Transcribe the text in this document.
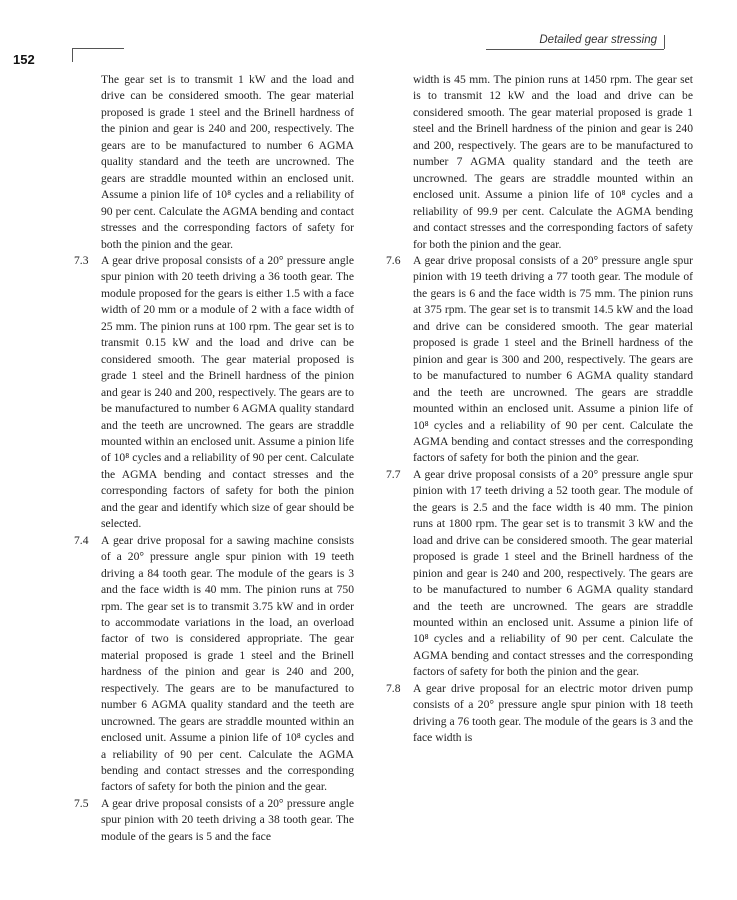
152
Detailed gear stressing

The gear set is to transmit 1 kW and the load and drive can be considered smooth. The gear material proposed is grade 1 steel and the Brinell hardness of the pinion and gear is 240 and 200, respectively. The gears are to be manufactured to number 6 AGMA quality standard and the teeth are uncrowned. The gears are straddle mounted within an enclosed unit. Assume a pinion life of 10⁸ cycles and a reliability of 90 per cent. Calculate the AGMA bending and contact stresses and the corresponding factors of safety for both the pinion and the gear.

7.3 A gear drive proposal consists of a 20° pressure angle spur pinion with 20 teeth driving a 36 tooth gear. The module proposed for the gears is either 1.5 with a face width of 20 mm or a module of 2 with a face width of 25 mm. The pinion runs at 100 rpm. The gear set is to transmit 0.15 kW and the load and drive can be considered smooth. The gear material proposed is grade 1 steel and the Brinell hardness of the pinion and gear is 240 and 200, respectively. The gears are to be manufactured to number 6 AGMA quality standard and the teeth are uncrowned. The gears are straddle mounted within an enclosed unit. Assume a pinion life of 10⁸ cycles and a reliability of 90 per cent. Calculate the AGMA bending and contact stresses and the corresponding factors of safety for both the pinion and the gear and identify which size of gear should be selected.

7.4 A gear drive proposal for a sawing machine consists of a 20° pressure angle spur pinion with 19 teeth driving a 84 tooth gear. The module of the gears is 3 and the face width is 40 mm. The pinion runs at 750 rpm. The gear set is to transmit 3.75 kW and in order to accommodate variations in the load, an overload factor of two is considered appropriate. The gear material proposed is grade 1 steel and the Brinell hardness of the pinion and gear is 240 and 200, respectively. The gears are to be manufactured to number 6 AGMA quality standard and the teeth are uncrowned. The gears are straddle mounted within an enclosed unit. Assume a pinion life of 10⁸ cycles and a reliability of 90 per cent. Calculate the AGMA bending and contact stresses and the corresponding factors of safety for both the pinion and the gear.

7.5 A gear drive proposal consists of a 20° pressure angle spur pinion with 20 teeth driving a 38 tooth gear. The module of the gears is 5 and the face

width is 45 mm. The pinion runs at 1450 rpm. The gear set is to transmit 12 kW and the load and drive can be considered smooth. The gear material proposed is grade 1 steel and the Brinell hardness of the pinion and gear is 240 and 200, respectively. The gears are to be manufactured to number 7 AGMA quality standard and the teeth are uncrowned. The gears are straddle mounted within an enclosed unit. Assume a pinion life of 10⁸ cycles and a reliability of 99.9 per cent. Calculate the AGMA bending and contact stresses and the corresponding factors of safety for both the pinion and the gear.

7.6 A gear drive proposal consists of a 20° pressure angle spur pinion with 19 teeth driving a 77 tooth gear. The module of the gears is 6 and the face width is 75 mm. The pinion runs at 375 rpm. The gear set is to transmit 14.5 kW and the load and drive can be considered smooth. The gear material proposed is grade 1 steel and the Brinell hardness of the pinion and gear is 300 and 200, respectively. The gears are to be manufactured to number 6 AGMA quality standard and the teeth are uncrowned. The gears are straddle mounted within an enclosed unit. Assume a pinion life of 10⁸ cycles and a reliability of 90 per cent. Calculate the AGMA bending and contact stresses and the corresponding factors of safety for both the pinion and the gear.

7.7 A gear drive proposal consists of a 20° pressure angle spur pinion with 17 teeth driving a 52 tooth gear. The module of the gears is 2.5 and the face width is 40 mm. The pinion runs at 1800 rpm. The gear set is to transmit 3 kW and the load and drive can be considered smooth. The gear material proposed is grade 1 steel and the Brinell hardness of the pinion and gear is 240 and 200, respectively. The gears are to be manufactured to number 6 AGMA quality standard and the teeth are uncrowned. The gears are straddle mounted within an enclosed unit. Assume a pinion life of 10⁸ cycles and a reliability of 90 per cent. Calculate the AGMA bending and contact stresses and the corresponding factors of safety for both the pinion and the gear.

7.8 A gear drive proposal for an electric motor driven pump consists of a 20° pressure angle spur pinion with 18 teeth driving a 76 tooth gear. The module of the gears is 3 and the face width is
